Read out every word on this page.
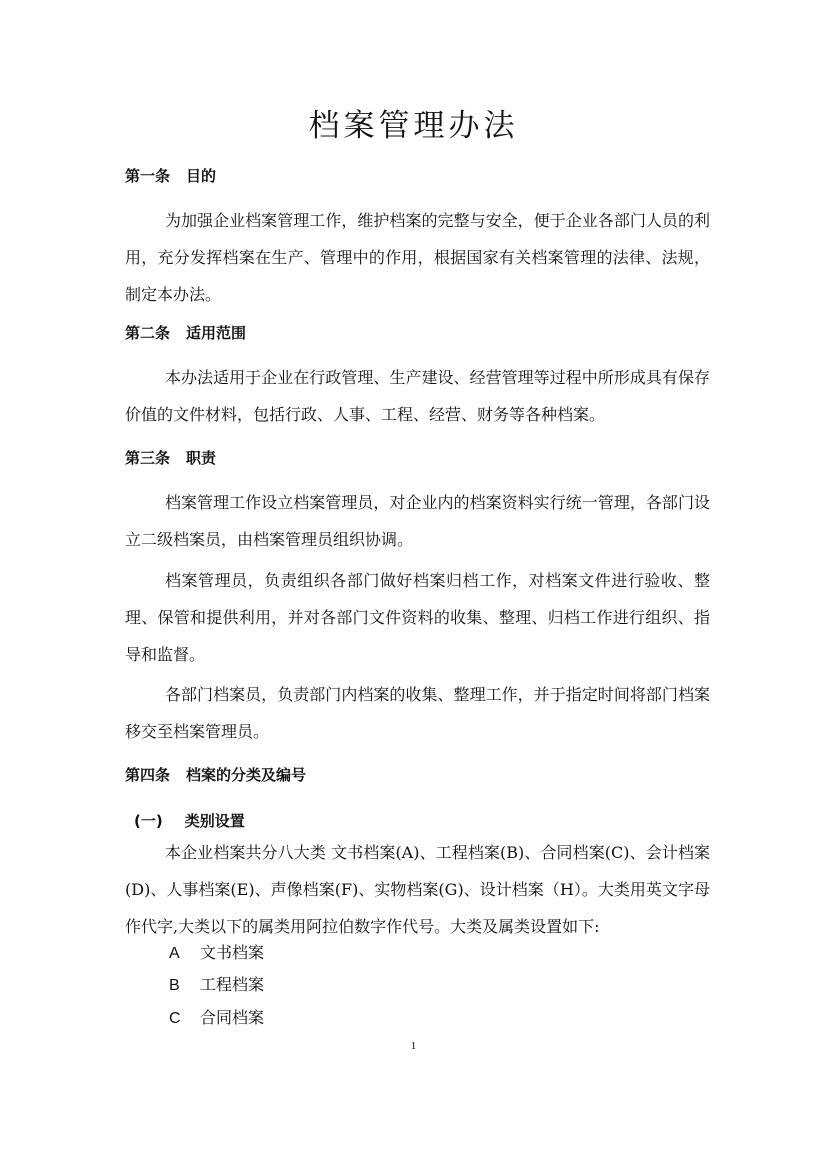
档案管理办法
第一条 目的

为加强企业档案管理工作，维护档案的完整与安全，便于企业各部门人员的利用，充分发挥档案在生产、管理中的作用，根据国家有关档案管理的法律、法规，制定本办法。

第二条 适用范围

本办法适用于企业在行政管理、生产建设、经营管理等过程中所形成具有保存价值的文件材料，包括行政、人事、工程、经营、财务等各种档案。

第三条 职责

档案管理工作设立档案管理员，对企业内的档案资料实行统一管理，各部门设立二级档案员，由档案管理员组织协调。

档案管理员，负责组织各部门做好档案归档工作，对档案文件进行验收、整理、保管和提供利用，并对各部门文件资料的收集、整理、归档工作进行组织、指导和监督。

各部门档案员，负责部门内档案的收集、整理工作，并于指定时间将部门档案移交至档案管理员。

第四条 档案的分类及编号
(一) 类别设置

本企业档案共分八大类 文书档案(A)、工程档案(B)、合同档案(C)、会计档案(D)、人事档案(E)、声像档案(F)、实物档案(G)、设计档案（H）。大类用英文字母作代字,大类以下的属类用阿拉伯数字作代号。大类及属类设置如下:

A 文书档案
B 工程档案
C 合同档案
1
